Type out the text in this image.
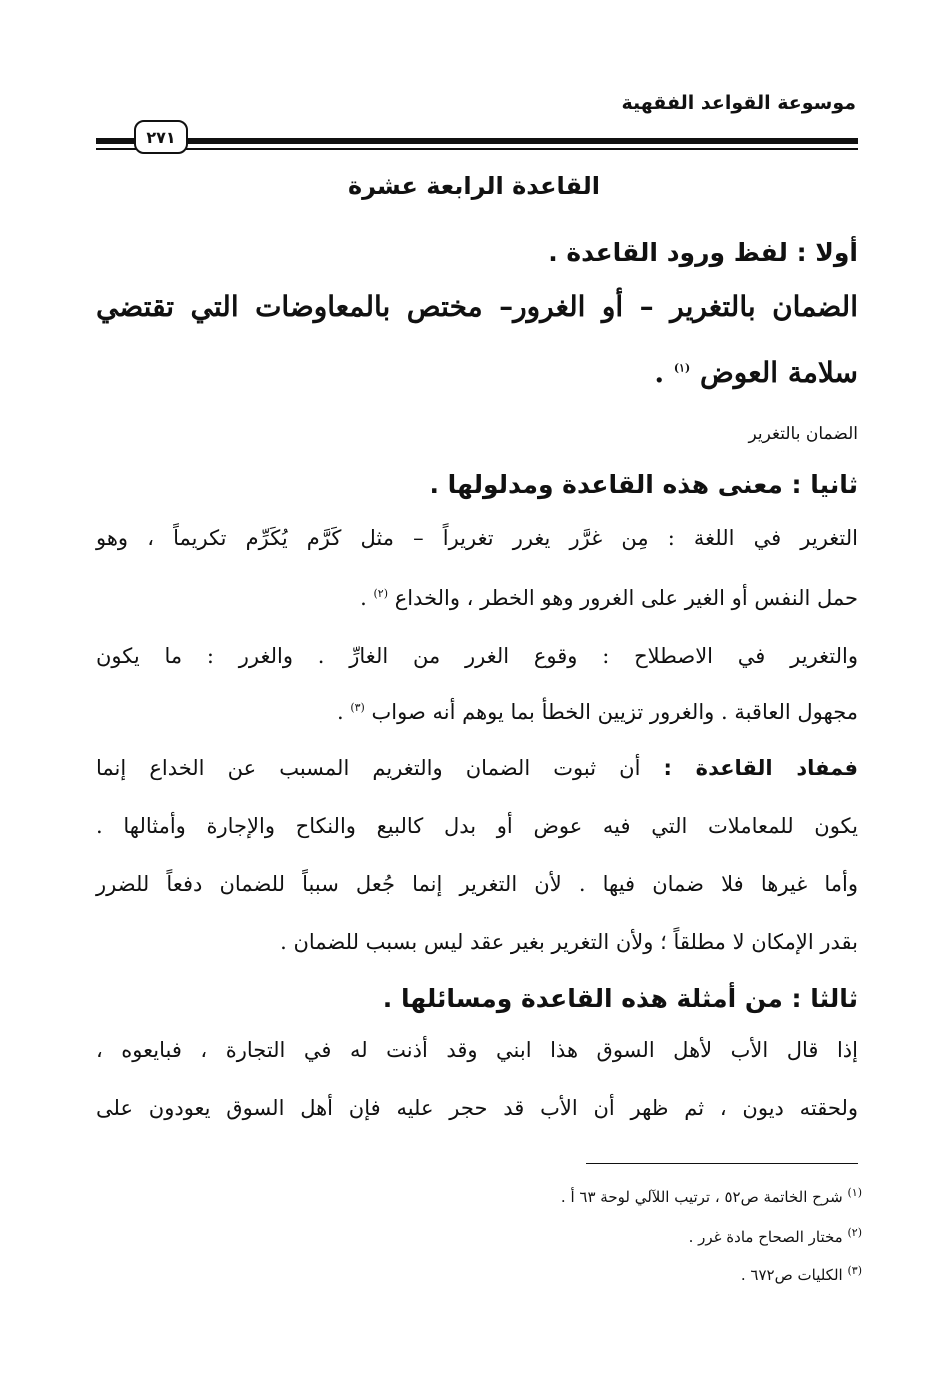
موسوعة القواعد الفقهية
٢٧١
القاعدة الرابعة عشرة
أولا : لفظ ورود القاعدة .
الضمان بالتغرير – أو الغرور– مختص بالمعاوضات التي تقتضي
سلامة العوض $^{(١)}$ .
الضمان بالتغرير
ثانيا : معنى هذه القاعدة ومدلولها .
التغرير في اللغة : مِن غرَّر يغرر تغريراً – مثل كَرَّم يُكَرِّم تكريماً ، وهو
حمل النفس أو الغير على الغرور وهو الخطر ، والخداع $^{(٢)}$ .
والتغرير في الاصطلاح : وقوع الغرر من الغارِّ . والغرر : ما يكون
مجهول العاقبة . والغرور تزيين الخطأ بما يوهم أنه صواب $^{(٣)}$ .
فمفاد القاعدة : أن ثبوت الضمان والتغريم المسبب عن الخداع إنما
يكون للمعاملات التي فيه عوض أو بدل كالبيع والنكاح والإجارة وأمثالها .
وأما غيرها فلا ضمان فيها . لأن التغرير إنما جُعل سبباً للضمان دفعاً للضرر
بقدر الإمكان لا مطلقاً ؛ ولأن التغرير بغير عقد ليس بسبب للضمان .
ثالثا : من أمثلة هذه القاعدة ومسائلها .
إذا قال الأب لأهل السوق هذا ابني وقد أذنت له في التجارة ، فبايعوه ،
ولحقته ديون ، ثم ظهر أن الأب قد حجر عليه فإن أهل السوق يعودون على
$^{(١)}$ شرح الخاتمة ص٥٢ ، ترتيب اللآلي لوحة ٦٣ أ .
$^{(٢)}$ مختار الصحاح مادة غرر .
$^{(٣)}$ الكليات ص٦٧٢ .
